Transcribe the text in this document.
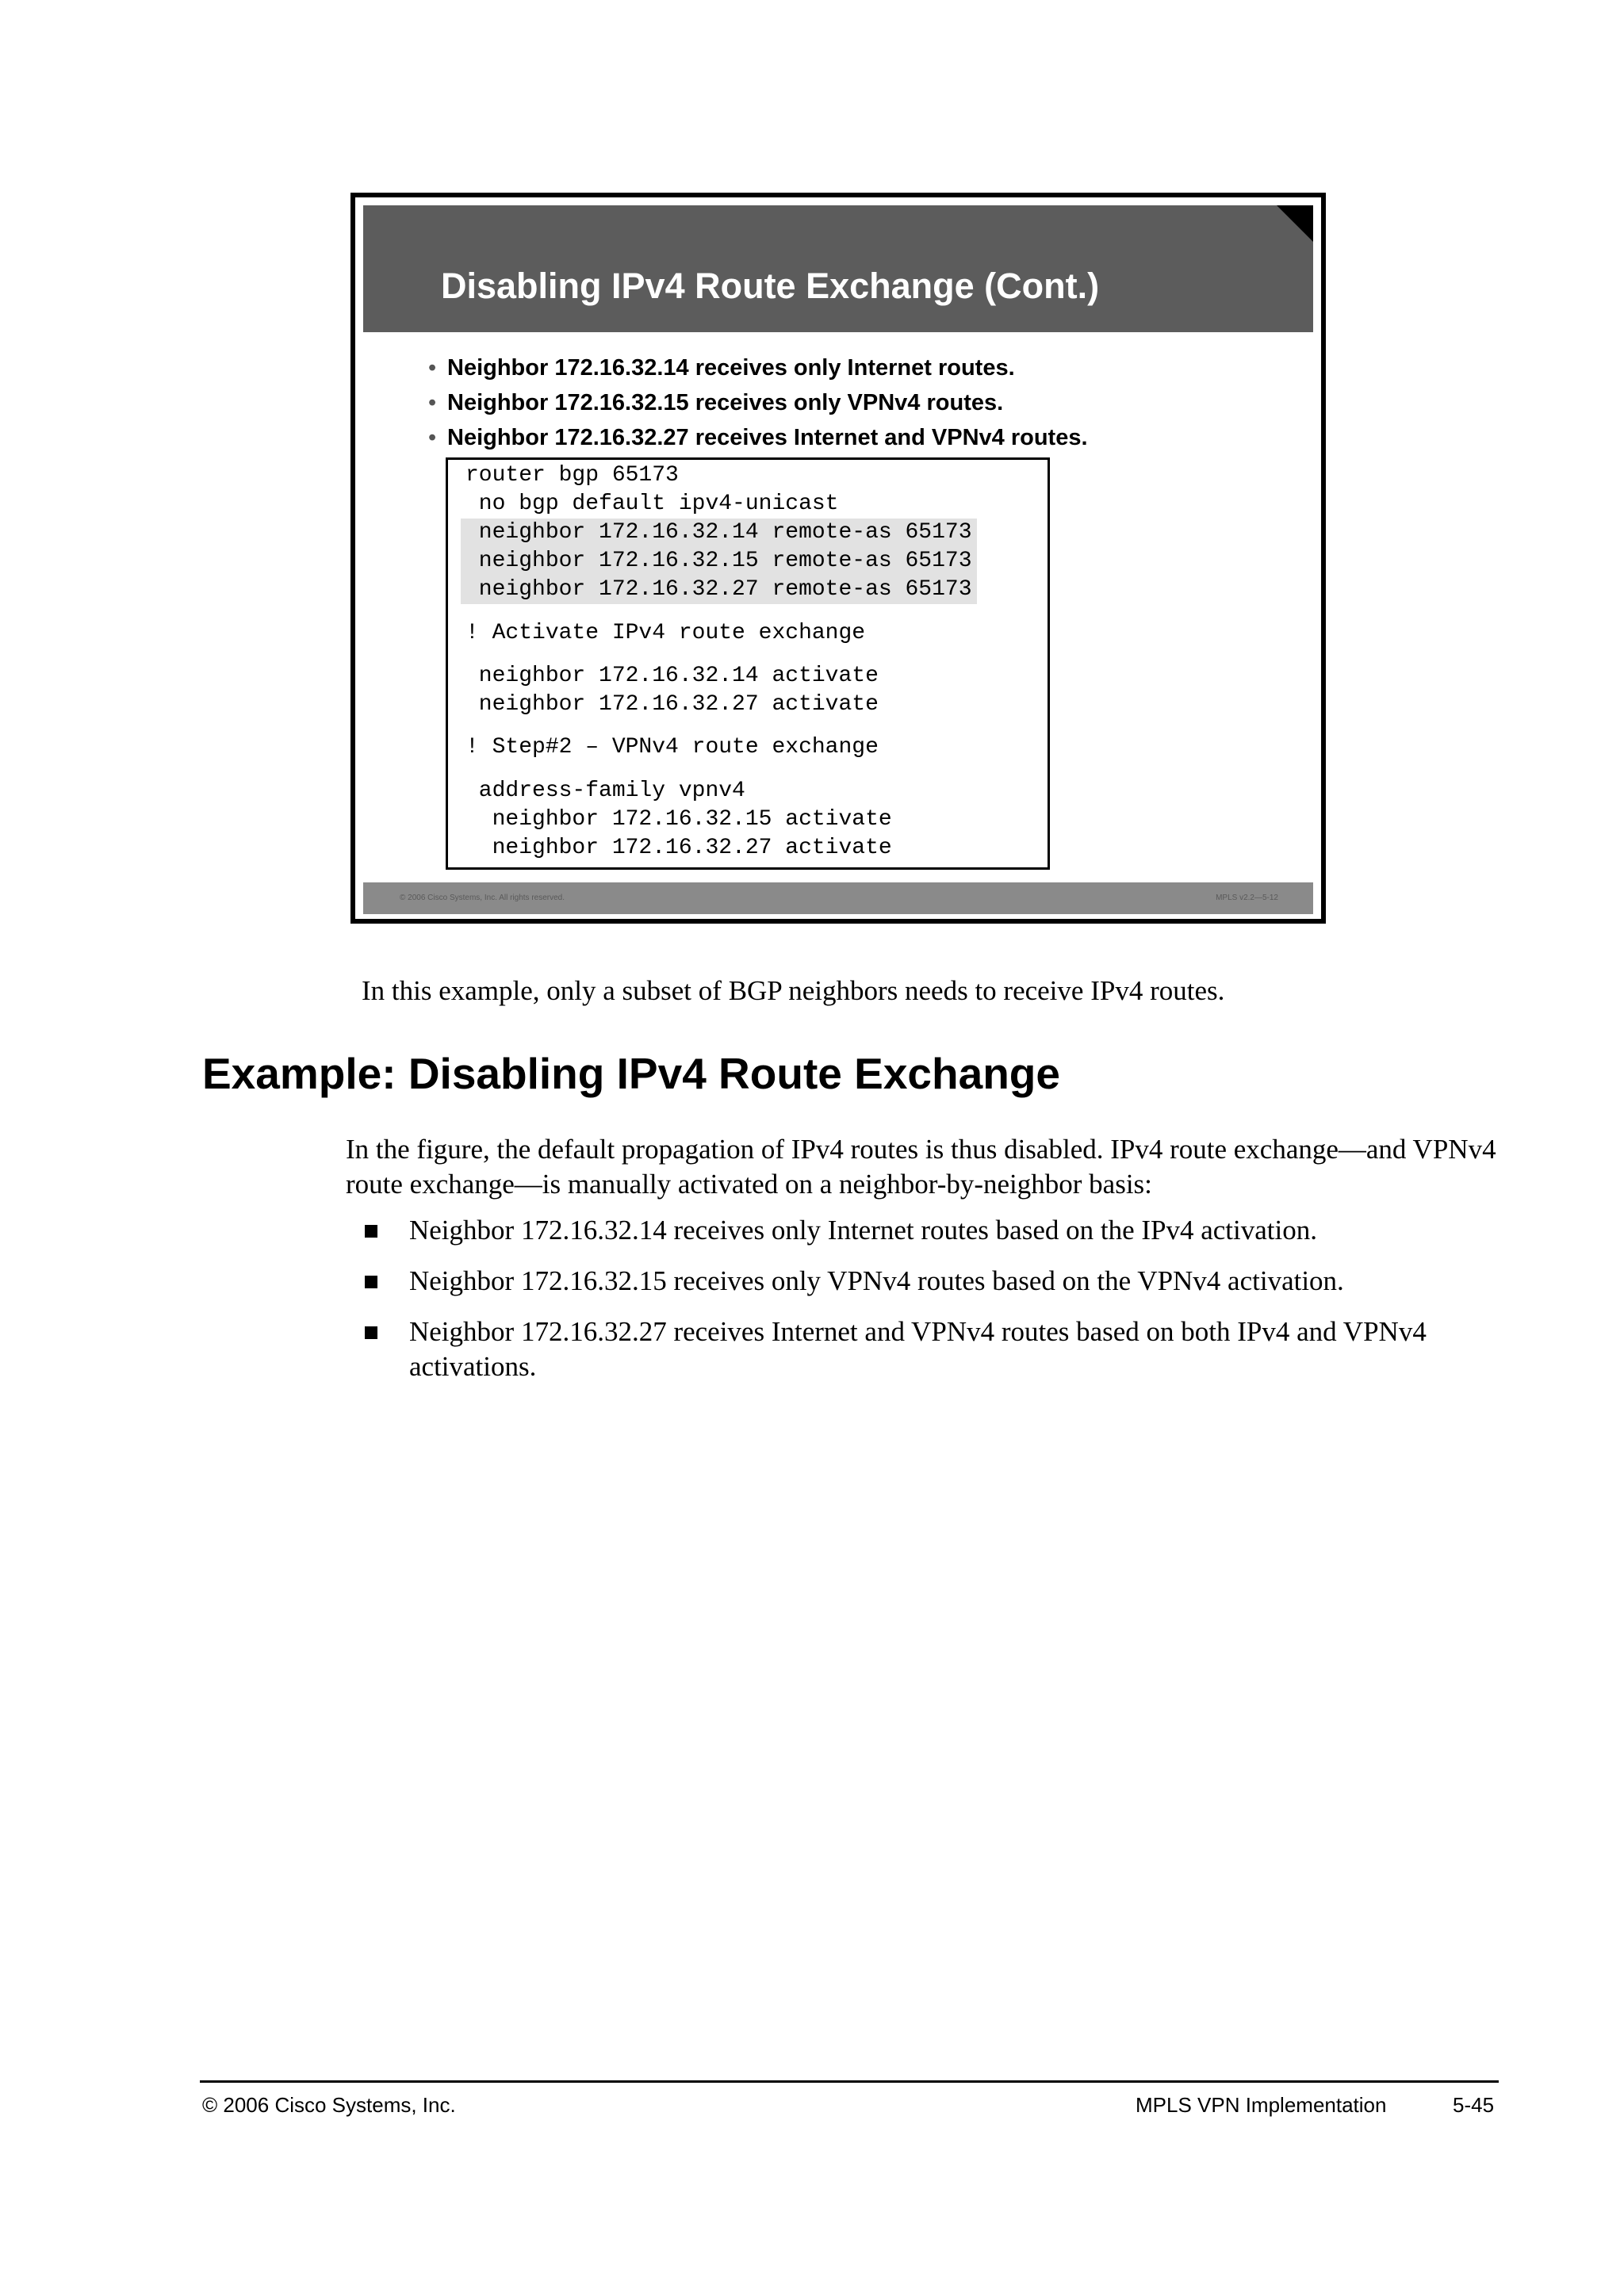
Disabling IPv4 Route Exchange (Cont.)
• Neighbor 172.16.32.14 receives only Internet routes.
• Neighbor 172.16.32.15 receives only VPNv4 routes.
• Neighbor 172.16.32.27 receives Internet and VPNv4 routes.
router bgp 65173
no bgp default ipv4-unicast
neighbor 172.16.32.14 remote-as 65173
neighbor 172.16.32.15 remote-as 65173
neighbor 172.16.32.27 remote-as 65173
! Activate IPv4 route exchange
neighbor 172.16.32.14 activate
neighbor 172.16.32.27 activate
! Step#2 – VPNv4 route exchange
address-family vpnv4
neighbor 172.16.32.15 activate
neighbor 172.16.32.27 activate
© 2006 Cisco Systems, Inc. All rights reserved.	MPLS v2.2—5-12
In this example, only a subset of BGP neighbors needs to receive IPv4 routes.
Example: Disabling IPv4 Route Exchange

In the figure, the default propagation of IPv4 routes is thus disabled. IPv4 route exchange—and VPNv4 route exchange—is manually activated on a neighbor-by-neighbor basis:

Neighbor 172.16.32.14 receives only Internet routes based on the IPv4 activation.
Neighbor 172.16.32.15 receives only VPNv4 routes based on the VPNv4 activation.
Neighbor 172.16.32.27 receives Internet and VPNv4 routes based on both IPv4 and VPNv4 activations.
© 2006 Cisco Systems, Inc.	MPLS VPN Implementation	5-45
